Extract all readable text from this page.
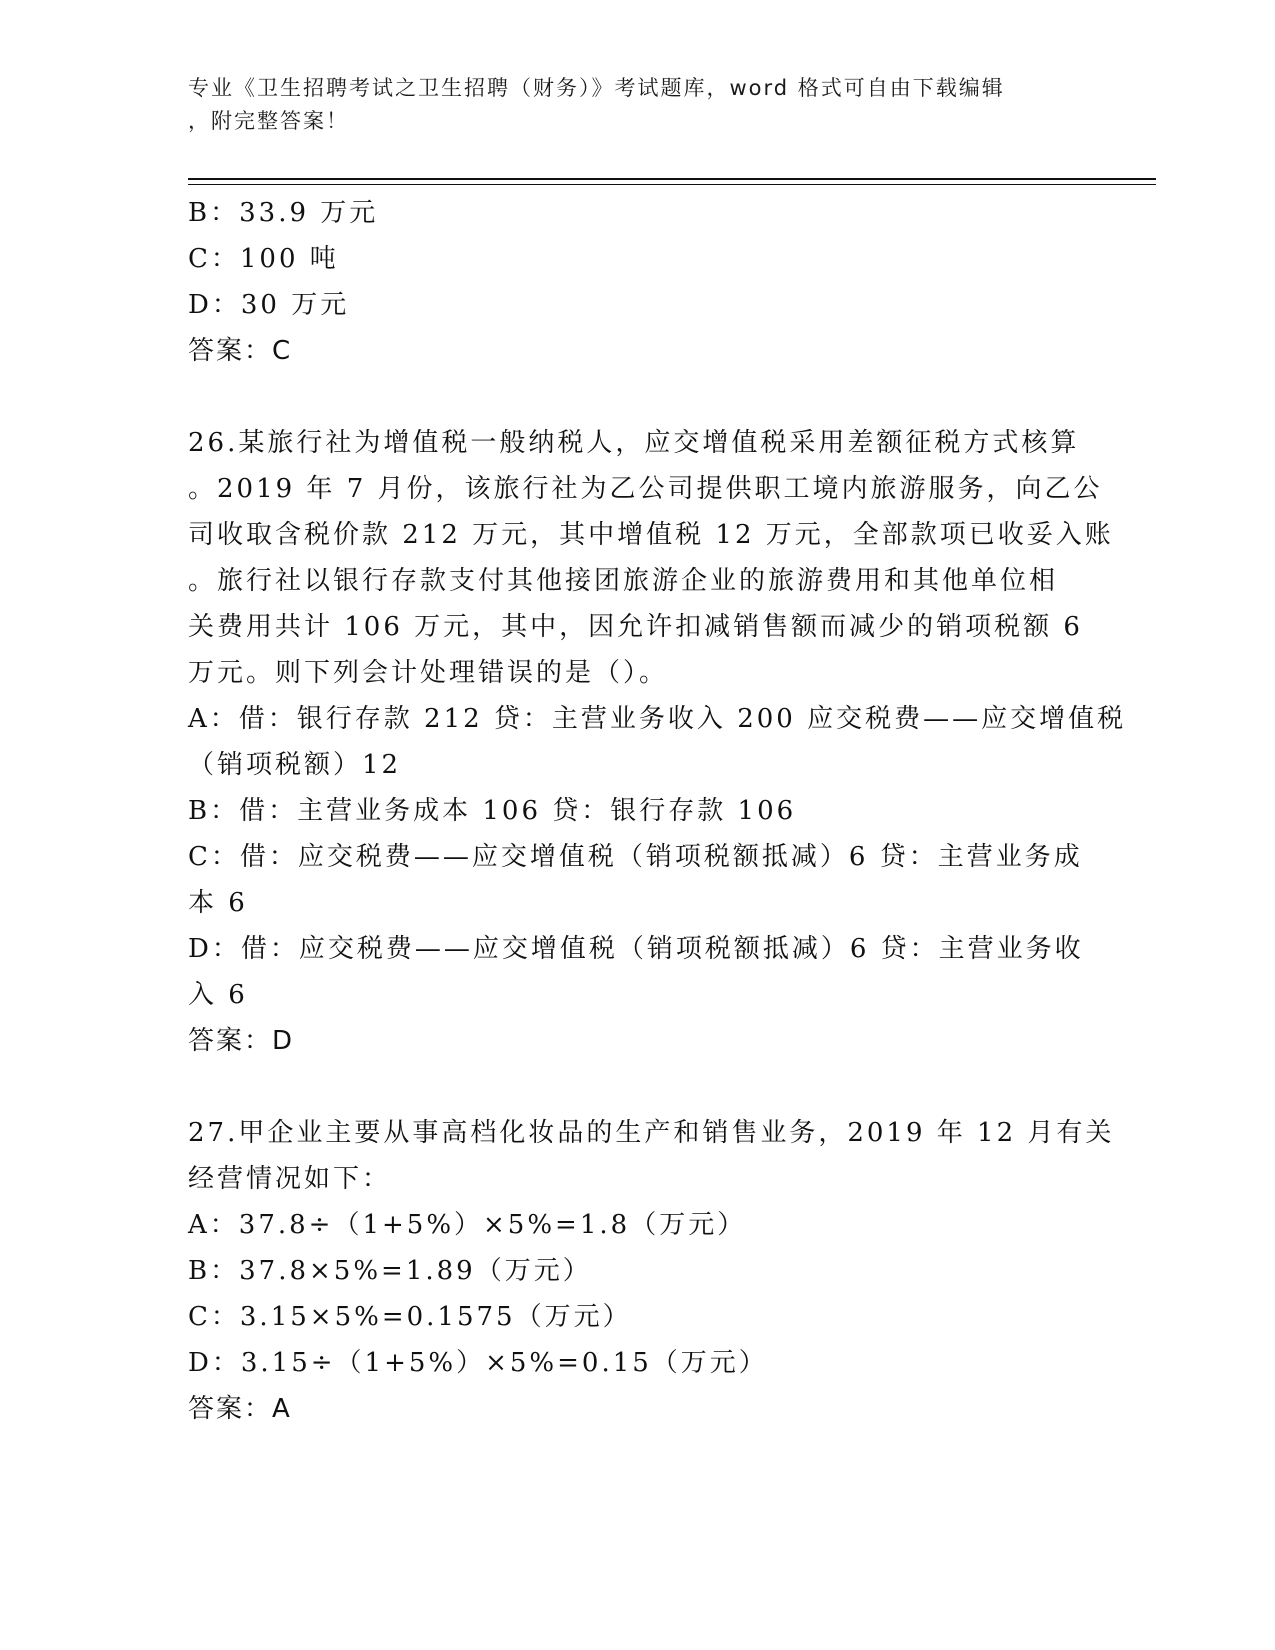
专业《卫生招聘考试之卫生招聘（财务）》考试题库，word 格式可自由下载编辑
，附完整答案！
B：33.9 万元
C：100 吨
D：30 万元
答案：C
26.某旅行社为增值税一般纳税人，应交增值税采用差额征税方式核算
。2019 年 7 月份，该旅行社为乙公司提供职工境内旅游服务，向乙公
司收取含税价款 212 万元，其中增值税 12 万元，全部款项已收妥入账
。旅行社以银行存款支付其他接团旅游企业的旅游费用和其他单位相
关费用共计 106 万元，其中，因允许扣减销售额而减少的销项税额 6
万元。则下列会计处理错误的是（）。
A：借：银行存款 212 贷：主营业务收入 200 应交税费——应交增值税
（销项税额）12
B：借：主营业务成本 106 贷：银行存款 106
C：借：应交税费——应交增值税（销项税额抵减）6 贷：主营业务成
本 6
D：借：应交税费——应交增值税（销项税额抵减）6 贷：主营业务收
入 6
答案：D
27.甲企业主要从事高档化妆品的生产和销售业务，2019 年 12 月有关
经营情况如下：
A：37.8÷（1+5%）×5%=1.8（万元）
B：37.8×5%=1.89（万元）
C：3.15×5%=0.1575（万元）
D：3.15÷（1+5%）×5%=0.15（万元）
答案：A
